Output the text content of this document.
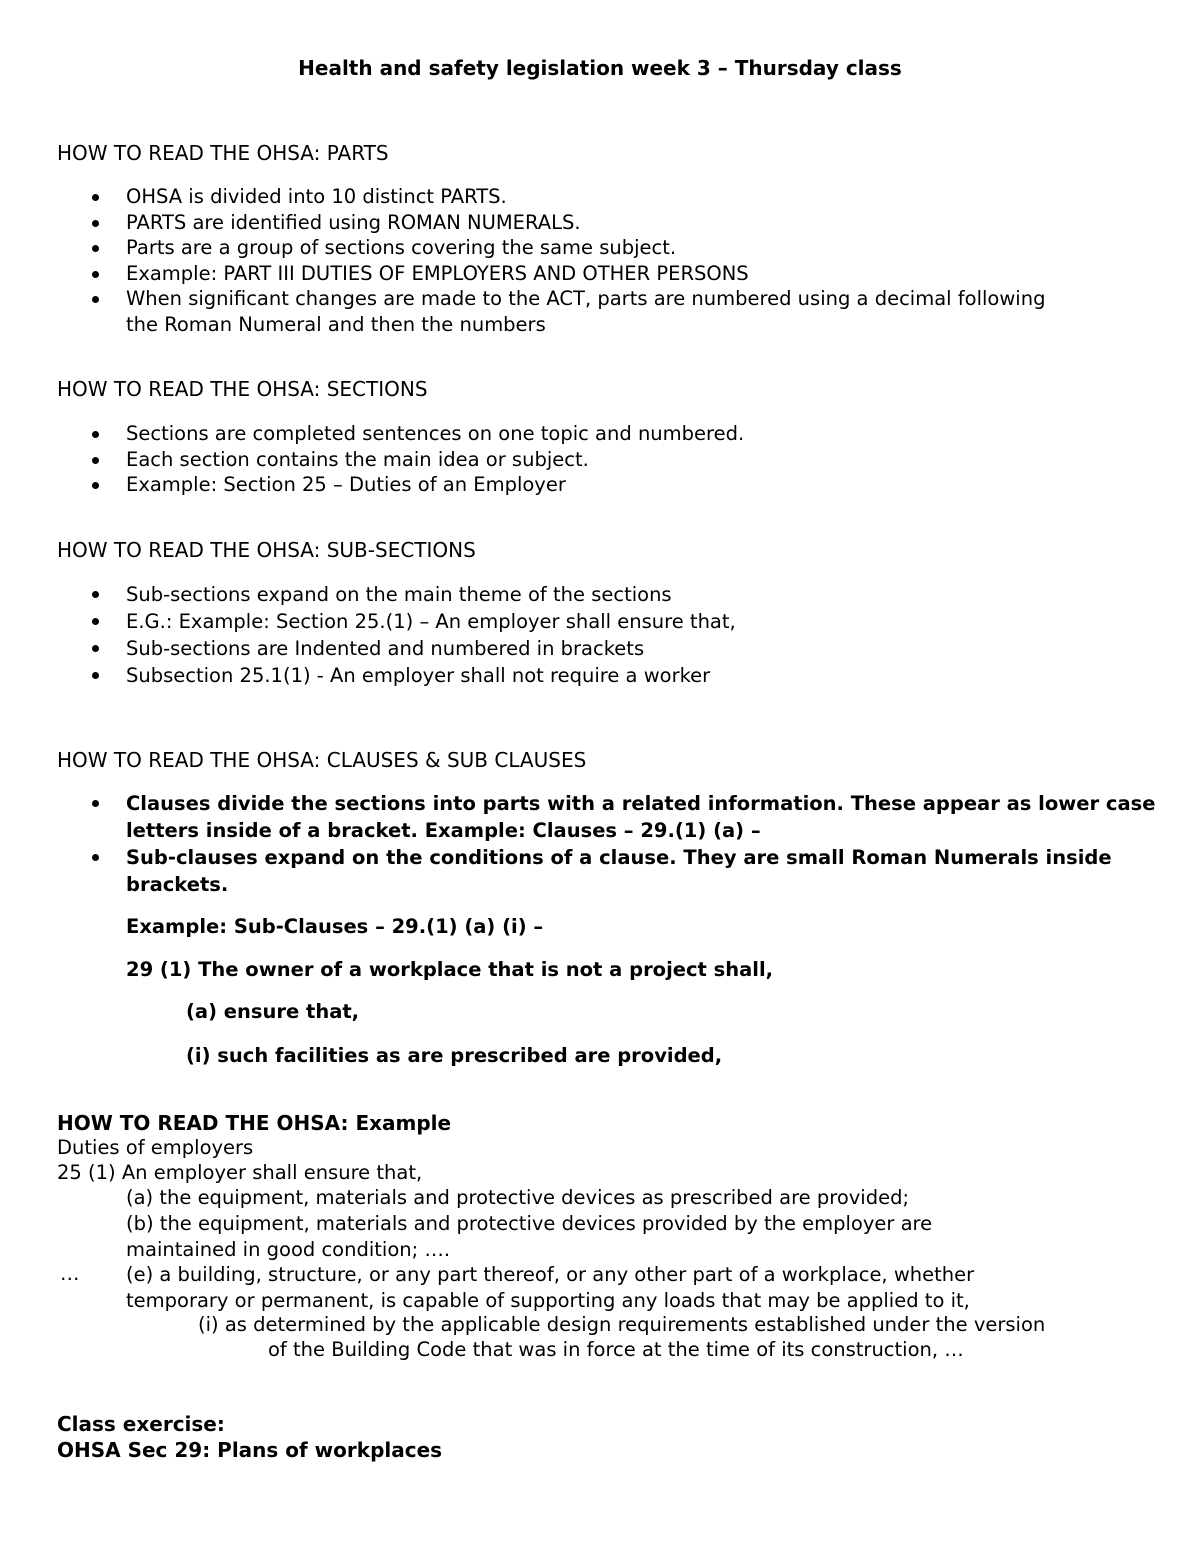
Health and safety legislation week 3 – Thursday class
HOW TO READ THE OHSA: PARTS
OHSA is divided into 10 distinct PARTS.
PARTS are identified using ROMAN NUMERALS.
Parts are a group of sections covering the same subject.
Example: PART III DUTIES OF EMPLOYERS AND OTHER PERSONS
When significant changes are made to the ACT, parts are numbered using a decimal following the Roman Numeral and then the numbers
HOW TO READ THE OHSA: SECTIONS
Sections are completed sentences on one topic and numbered.
Each section contains the main idea or subject.
Example: Section 25 – Duties of an Employer
HOW TO READ THE OHSA: SUB-SECTIONS
Sub-sections expand on the main theme of the sections
E.G.: Example: Section 25.(1) – An employer shall ensure that,
Sub-sections are Indented and numbered in brackets
Subsection 25.1(1) - An employer shall not require a worker
HOW TO READ THE OHSA: CLAUSES & SUB CLAUSES
Clauses divide the sections into parts with a related information. These appear as lower case letters inside of a bracket. Example: Clauses – 29.(1) (a) –
Sub-clauses expand on the conditions of a clause. They are small Roman Numerals inside brackets.

Example: Sub-Clauses – 29.(1) (a) (i) –

29 (1) The owner of a workplace that is not a project shall,

(a) ensure that,

(i) such facilities as are prescribed are provided,

HOW TO READ THE OHSA: Example

Duties of employers

25 (1) An employer shall ensure that,

(a) the equipment, materials and protective devices as prescribed are provided;

(b) the equipment, materials and protective devices provided by the employer are maintained in good condition; ….

… (e) a building, structure, or any part thereof, or any other part of a workplace, whether temporary or permanent, is capable of supporting any loads that may be applied to it,

(i) as determined by the applicable design requirements established under the version

of the Building Code that was in force at the time of its construction, …

Class exercise:

OHSA Sec 29: Plans of workplaces
